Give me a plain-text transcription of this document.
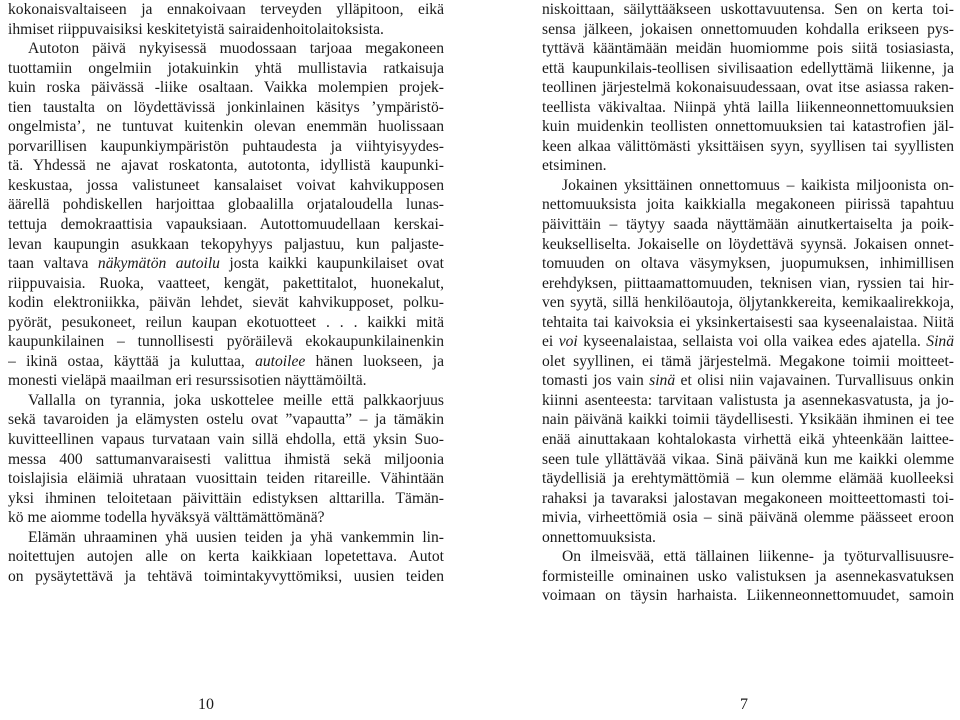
kokonaisvaltaiseen ja ennakoivaan terveyden ylläpitoon, eikä
ihmiset riippuvaisiksi keskitetyistä sairaidenhoitolaitoksista.
Autoton päivä nykyisessä muodossaan tarjoaa megakoneen
tuottamiin ongelmiin jotakuinkin yhtä mullistavia ratkaisuja
kuin roska päivässä -liike osaltaan. Vaikka molempien projek-
tien taustalta on löydettävissä jonkinlainen käsitys ’ympäristö-
ongelmista’, ne tuntuvat kuitenkin olevan enemmän huolissaan
porvarillisen kaupunkiympäristön puhtaudesta ja viihtyisyydes-
tä. Yhdessä ne ajavat roskatonta, autotonta, idyllistä kaupunki-
keskustaa, jossa valistuneet kansalaiset voivat kahvikupposen
äärellä pohdiskellen harjoittaa globaalilla orjataloudella lunas-
tettuja demokraattisia vapauksiaan. Autottomuudellaan kerskai-
levan kaupungin asukkaan tekopyhyys paljastuu, kun paljaste-
taan valtava näkymätön autoilu josta kaikki kaupunkilaiset ovat
riippuvaisia. Ruoka, vaatteet, kengät, pakettitalot, huonekalut,
kodin elektroniikka, päivän lehdet, sievät kahvikupposet, polku-
pyörät, pesukoneet, reilun kaupan ekotuotteet . . . kaikki mitä
kaupunkilainen – tunnollisesti pyöräilevä ekokaupunkilainenkin
– ikinä ostaa, käyttää ja kuluttaa, autoilee hänen luokseen, ja
monesti vieläpä maailman eri resurssisotien näyttämöiltä.
Vallalla on tyrannia, joka uskottelee meille että palkkaorjuus
sekä tavaroiden ja elämysten ostelu ovat ”vapautta” – ja tämäkin
kuvitteellinen vapaus turvataan vain sillä ehdolla, että yksin Suo-
messa 400 sattumanvaraisesti valittua ihmistä sekä miljoonia
toislajisia eläimiä uhrataan vuosittain teiden ritareille. Vähintään
yksi ihminen teloitetaan päivittäin edistyksen alttarilla. Tämän-
kö me aiomme todella hyväksyä välttämättömänä?
Elämän uhraaminen yhä uusien teiden ja yhä vankemmin lin-
noitettujen autojen alle on kerta kaikkiaan lopetettava. Autot
on pysäytettävä ja tehtävä toimintakyvyttömiksi, uusien teiden
niskoittaan, säilyttääkseen uskottavuutensa. Sen on kerta toi-
sensa jälkeen, jokaisen onnettomuuden kohdalla erikseen pys-
tyttävä kääntämään meidän huomiomme pois siitä tosiasiasta,
että kaupunkilais-teollisen sivilisaation edellyttämä liikenne, ja
teollinen järjestelmä kokonaisuudessaan, ovat itse asiassa raken-
teellista väkivaltaa. Niinpä yhtä lailla liikenneonnettomuuksien
kuin muidenkin teollisten onnettomuuksien tai katastrofien jäl-
keen alkaa välittömästi yksittäisen syyn, syyllisen tai syyllisten
etsiminen.
Jokainen yksittäinen onnettomuus – kaikista miljoonista on-
nettomuuksista joita kaikkialla megakoneen piirissä tapahtuu
päivittäin – täytyy saada näyttämään ainutkertaiselta ja poik-
keukselliselta. Jokaiselle on löydettävä syynsä. Jokaisen onnet-
tomuuden on oltava väsymyksen, juopumuksen, inhimillisen
erehdyksen, piittaamattomuuden, teknisen vian, ryssien tai hir-
ven syytä, sillä henkilöautoja, öljytankkereita, kemikaalirekkoja,
tehtaita tai kaivoksia ei yksinkertaisesti saa kyseenalaistaa. Niitä
ei voi kyseenalaistaa, sellaista voi olla vaikea edes ajatella. Sinä
olet syyllinen, ei tämä järjestelmä. Megakone toimii moitteet-
tomasti jos vain sinä et olisi niin vajavainen. Turvallisuus onkin
kiinni asenteesta: tarvitaan valistusta ja asennekasvatusta, ja jo-
nain päivänä kaikki toimii täydellisesti. Yksikään ihminen ei tee
enää ainuttakaan kohtalokasta virhettä eikä yhteenkään laittee-
seen tule yllättävää vikaa. Sinä päivänä kun me kaikki olemme
täydellisiä ja erehtymättömiä – kun olemme elämää kuolleeksi
rahaksi ja tavaraksi jalostavan megakoneen moitteettomasti toi-
mivia, virheettömiä osia – sinä päivänä olemme päässeet eroon
onnettomuuksista.
On ilmeisvää, että tällainen liikenne- ja työturvallisuusre-
formisteille ominainen usko valistuksen ja asennekasvatuksen
voimaan on täysin harhaista. Liikenneonnettomuudet, samoin
10	7
